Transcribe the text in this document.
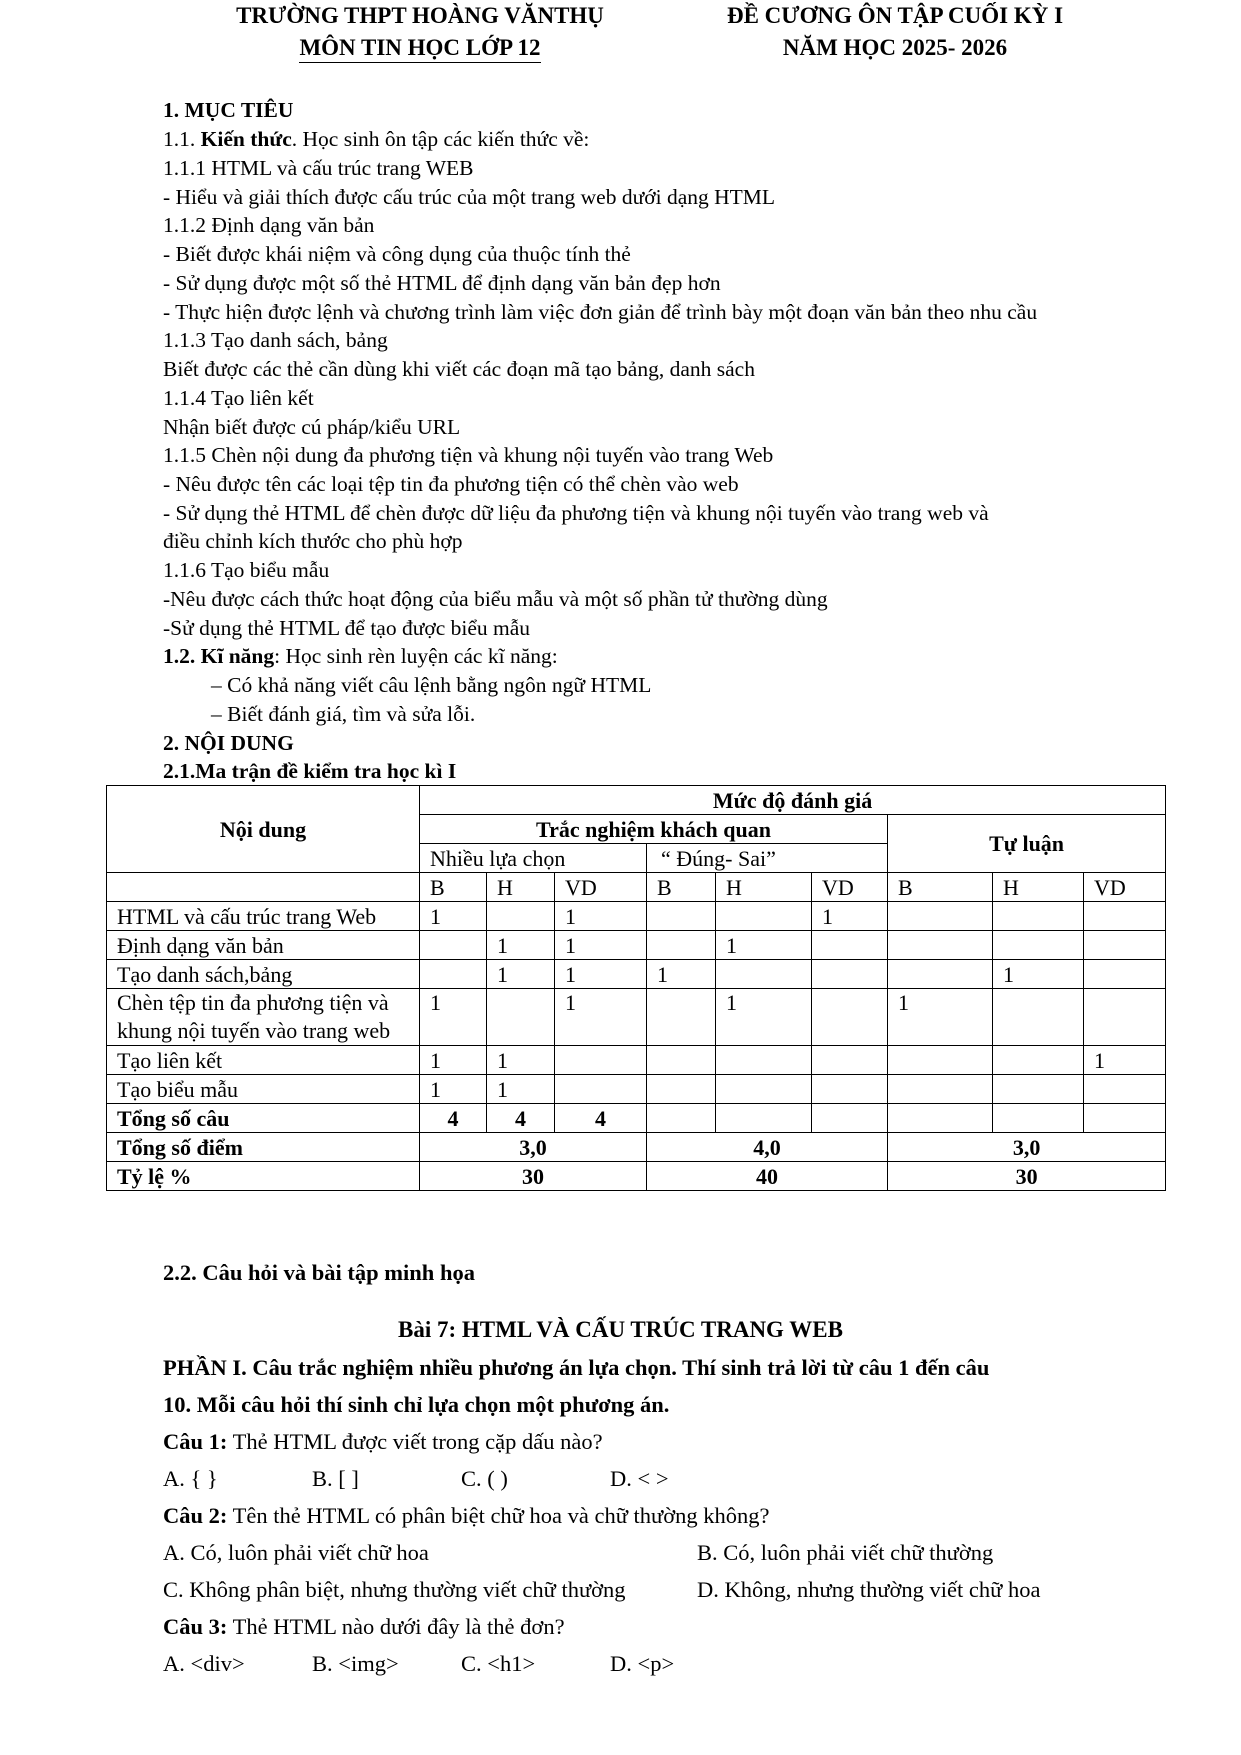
TRƯỜNG THPT HOÀNG VĂNTHỤ
MÔN TIN HỌC LỚP 12
ĐỀ CƯƠNG ÔN TẬP CUỐI KỲ I
NĂM HỌC 2025- 2026
1. MỤC TIÊU
1.1. Kiến thức. Học sinh ôn tập các kiến thức về:
1.1.1 HTML và cấu trúc trang WEB
- Hiểu và giải thích được cấu trúc của một trang web dưới dạng HTML
1.1.2 Định dạng văn bản
- Biết được khái niệm và công dụng của thuộc tính thẻ
- Sử dụng được một số thẻ HTML để định dạng văn bản đẹp hơn
- Thực hiện được lệnh và chương trình làm việc đơn giản để trình bày một đoạn văn bản theo nhu cầu
1.1.3 Tạo danh sách, bảng
Biết được các thẻ cần dùng khi viết các đoạn mã tạo bảng, danh sách
1.1.4 Tạo liên kết
Nhận biết được cú pháp/kiểu URL
1.1.5 Chèn nội dung đa phương tiện và khung nội tuyến vào trang Web
- Nêu được tên các loại tệp tin đa phương tiện có thể chèn vào web
- Sử dụng thẻ HTML để chèn được dữ liệu đa phương tiện và khung nội tuyến vào trang web và
điều chỉnh kích thước cho phù hợp
1.1.6 Tạo biểu mẫu
-Nêu được cách thức hoạt động của biểu mẫu và một số phần tử thường dùng
-Sử dụng thẻ HTML để tạo được biểu mẫu
1.2. Kĩ năng: Học sinh rèn luyện các kĩ năng:
– Có khả năng viết câu lệnh bằng ngôn ngữ HTML
– Biết đánh giá, tìm và sửa lỗi.
2. NỘI DUNG
2.1.Ma trận đề kiểm tra học kì I
Nội dung	Mức độ đánh giá								
	Trắc nghiệm khách quan						Tự luận		
	Nhiều lựa chọn			“ Đúng- Sai”					
	B	H	VD	B	H	VD	B	H	VD
HTML và cấu trúc trang Web	1		1			1			
Định dạng văn bản		1	1		1				
Tạo danh sách,bảng		1	1	1				1	
Chèn tệp tin đa phương tiện và
khung nội tuyến vào trang web	1		1		1		1		
Tạo liên kết	1	1							1
Tạo biểu mẫu	1	1							
Tổng số câu	4	4	4						
Tổng số điểm	3,0			4,0			3,0		
Tỷ lệ %	30			40			30		
2.2. Câu hỏi và bài tập minh họa
Bài 7: HTML VÀ CẤU TRÚC TRANG WEB
PHẦN I. Câu trắc nghiệm nhiều phương án lựa chọn. Thí sinh trả lời từ câu 1 đến câu
10. Mỗi câu hỏi thí sinh chỉ lựa chọn một phương án.
Câu 1: Thẻ HTML được viết trong cặp dấu nào?
A. { }	B. [ ]	C. ( )	D. < >
Câu 2: Tên thẻ HTML có phân biệt chữ hoa và chữ thường không?
A. Có, luôn phải viết chữ hoa	B. Có, luôn phải viết chữ thường
C. Không phân biệt, nhưng thường viết chữ thường	D. Không, nhưng thường viết chữ hoa
Câu 3: Thẻ HTML nào dưới đây là thẻ đơn?
A. <div>	B. <img>	C. <h1>	D. <p>
